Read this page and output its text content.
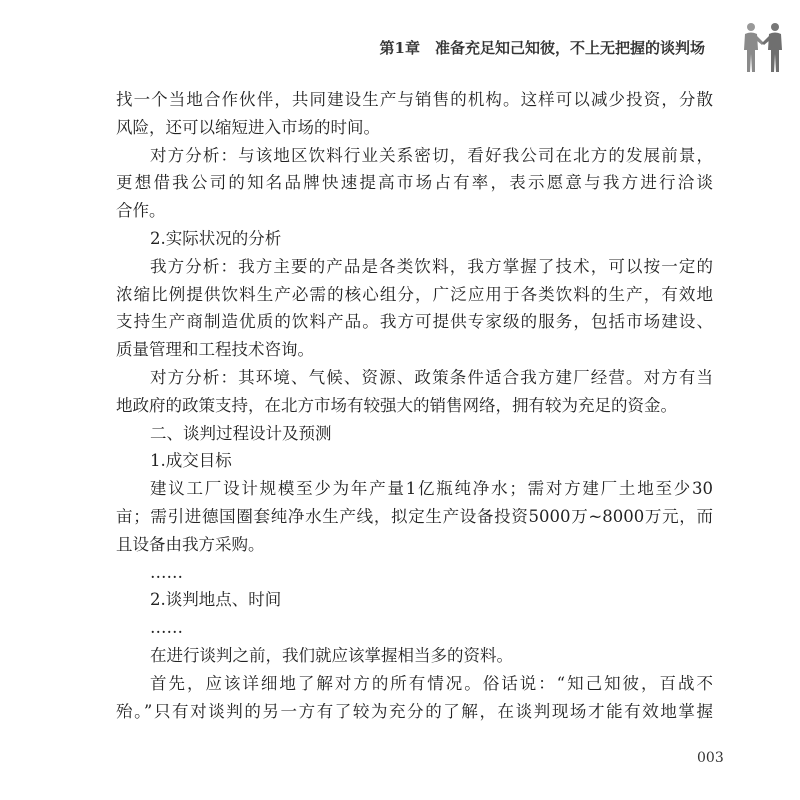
第1章　 准备充足知己知彼，不上无把握的谈判场
找一个当地合作伙伴，共同建设生产与销售的机构。这样可以减少投资，分散
风险，还可以缩短进入市场的时间。
对方分析：与该地区饮料行业关系密切，看好我公司在北方的发展前景，
更想借我公司的知名品牌快速提高市场占有率，表示愿意与我方进行洽谈
合作。
2.实际状况的分析
我方分析：我方主要的产品是各类饮料，我方掌握了技术，可以按一定的
浓缩比例提供饮料生产必需的核心组分，广泛应用于各类饮料的生产，有效地
支持生产商制造优质的饮料产品。我方可提供专家级的服务，包括市场建设、
质量管理和工程技术咨询。
对方分析：其环境、气候、资源、政策条件适合我方建厂经营。对方有当
地政府的政策支持，在北方市场有较强大的销售网络，拥有较为充足的资金。
二、谈判过程设计及预测
1.成交目标
建议工厂设计规模至少为年产量1亿瓶纯净水；需对方建厂土地至少30
亩；需引进德国圈套纯净水生产线，拟定生产设备投资5000万~8000万元，而
且设备由我方采购。
……
2.谈判地点、时间
……
在进行谈判之前，我们就应该掌握相当多的资料。
首先，应该详细地了解对方的所有情况。俗话说：“知己知彼，百战不
殆。”只有对谈判的另一方有了较为充分的了解，在谈判现场才能有效地掌握
003
